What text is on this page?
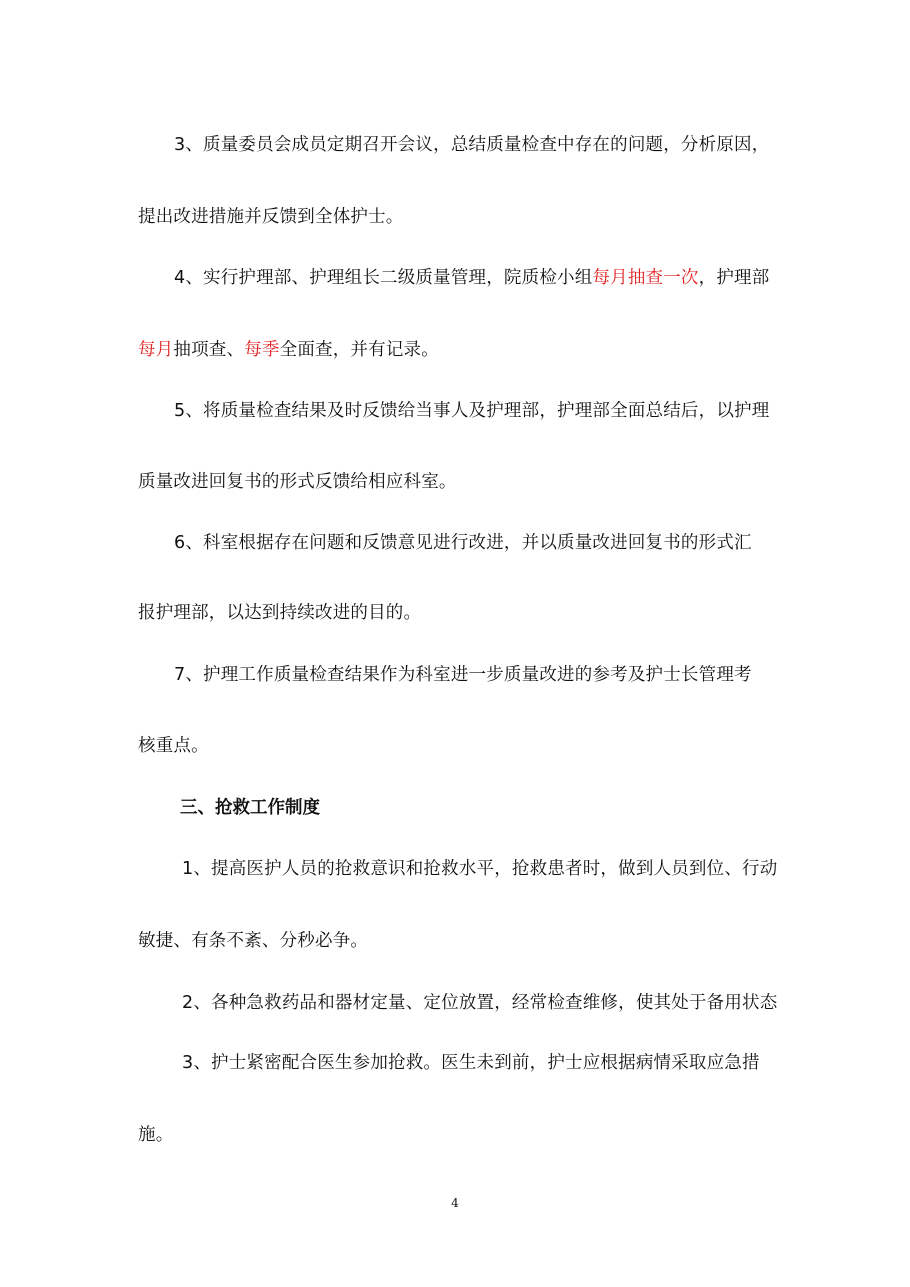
3、质量委员会成员定期召开会议，总结质量检查中存在的问题，分析原因，
提出改进措施并反馈到全体护士。
4、实行护理部、护理组长二级质量管理，院质检小组每月抽查一次，护理部
每月抽项查、每季全面查，并有记录。
5、将质量检查结果及时反馈给当事人及护理部，护理部全面总结后，以护理
质量改进回复书的形式反馈给相应科室。
6、科室根据存在问题和反馈意见进行改进，并以质量改进回复书的形式汇
报护理部，以达到持续改进的目的。
7、护理工作质量检查结果作为科室进一步质量改进的参考及护士长管理考
核重点。
三、抢救工作制度
1、提高医护人员的抢救意识和抢救水平，抢救患者时，做到人员到位、行动
敏捷、有条不紊、分秒必争。
2、各种急救药品和器材定量、定位放置，经常检查维修，使其处于备用状态
3、护士紧密配合医生参加抢救。医生未到前，护士应根据病情采取应急措
施。
4
